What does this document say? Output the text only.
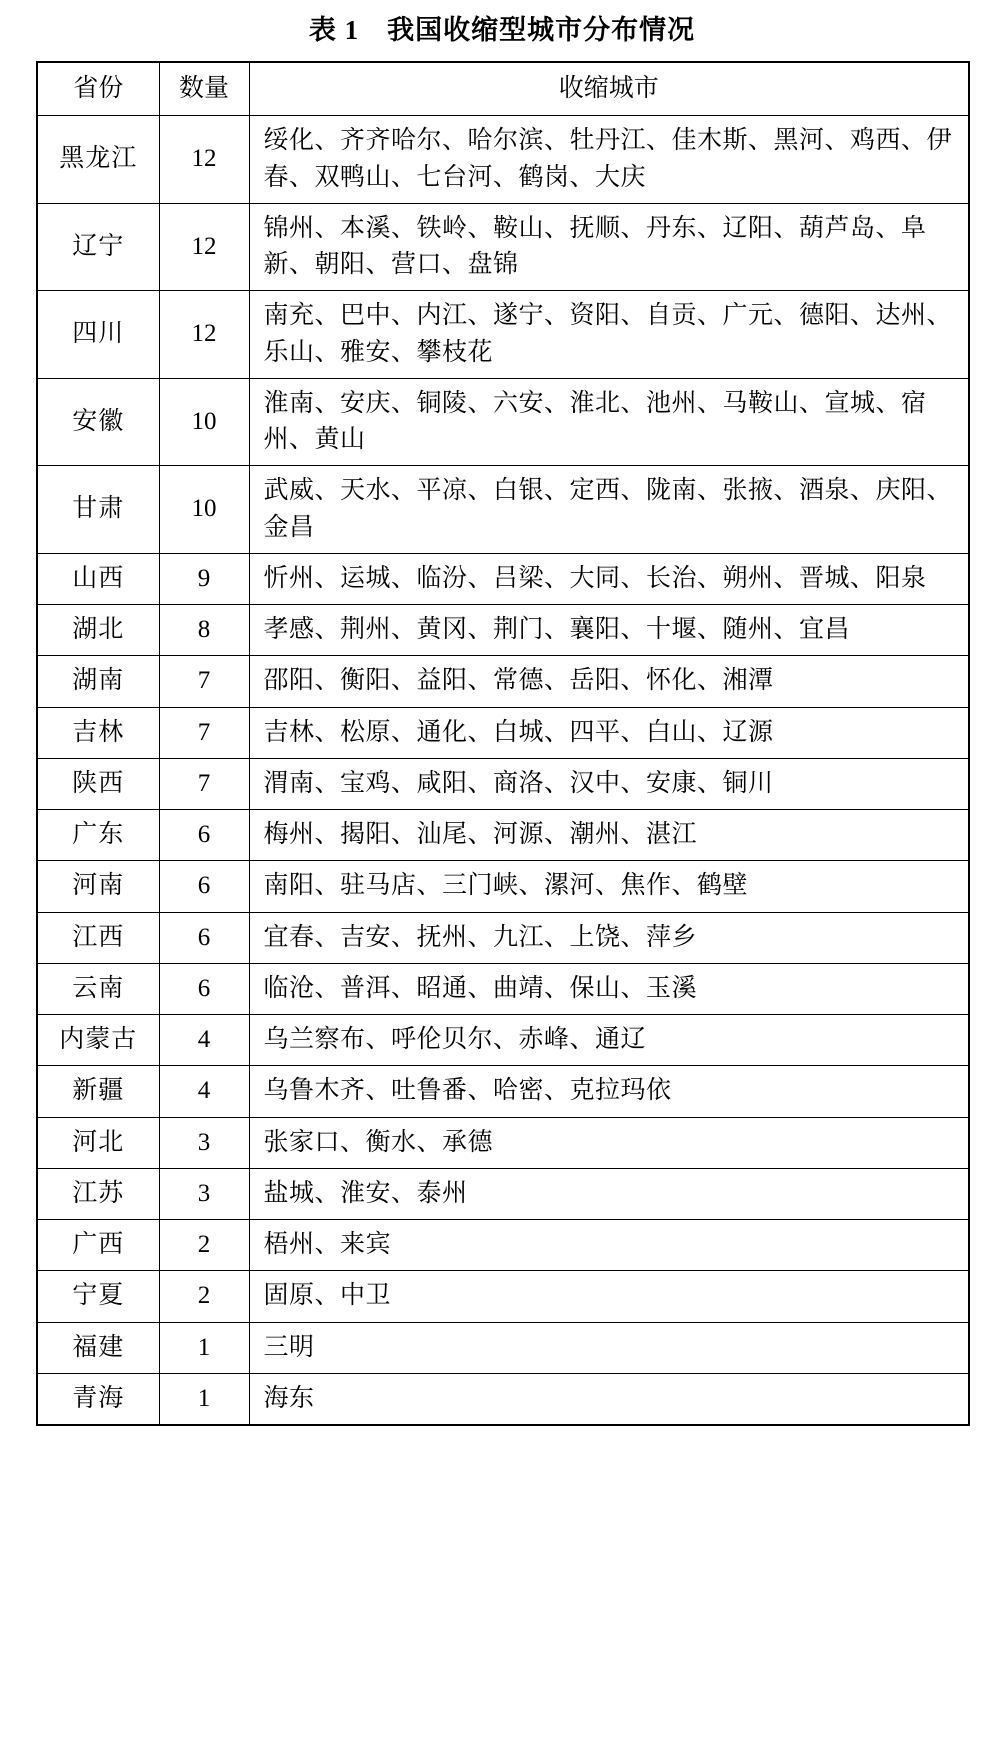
表 1　我国收缩型城市分布情况
省份	数量	收缩城市
黑龙江	12	绥化、齐齐哈尔、哈尔滨、牡丹江、佳木斯、黑河、鸡西、伊春、双鸭山、七台河、鹤岗、大庆
辽宁	12	锦州、本溪、铁岭、鞍山、抚顺、丹东、辽阳、葫芦岛、阜新、朝阳、营口、盘锦
四川	12	南充、巴中、内江、遂宁、资阳、自贡、广元、德阳、达州、乐山、雅安、攀枝花
安徽	10	淮南、安庆、铜陵、六安、淮北、池州、马鞍山、宣城、宿州、黄山
甘肃	10	武威、天水、平凉、白银、定西、陇南、张掖、酒泉、庆阳、金昌
山西	9	忻州、运城、临汾、吕梁、大同、长治、朔州、晋城、阳泉
湖北	8	孝感、荆州、黄冈、荆门、襄阳、十堰、随州、宜昌
湖南	7	邵阳、衡阳、益阳、常德、岳阳、怀化、湘潭
吉林	7	吉林、松原、通化、白城、四平、白山、辽源
陕西	7	渭南、宝鸡、咸阳、商洛、汉中、安康、铜川
广东	6	梅州、揭阳、汕尾、河源、潮州、湛江
河南	6	南阳、驻马店、三门峡、漯河、焦作、鹤壁
江西	6	宜春、吉安、抚州、九江、上饶、萍乡
云南	6	临沧、普洱、昭通、曲靖、保山、玉溪
内蒙古	4	乌兰察布、呼伦贝尔、赤峰、通辽
新疆	4	乌鲁木齐、吐鲁番、哈密、克拉玛依
河北	3	张家口、衡水、承德
江苏	3	盐城、淮安、泰州
广西	2	梧州、来宾
宁夏	2	固原、中卫
福建	1	三明
青海	1	海东
